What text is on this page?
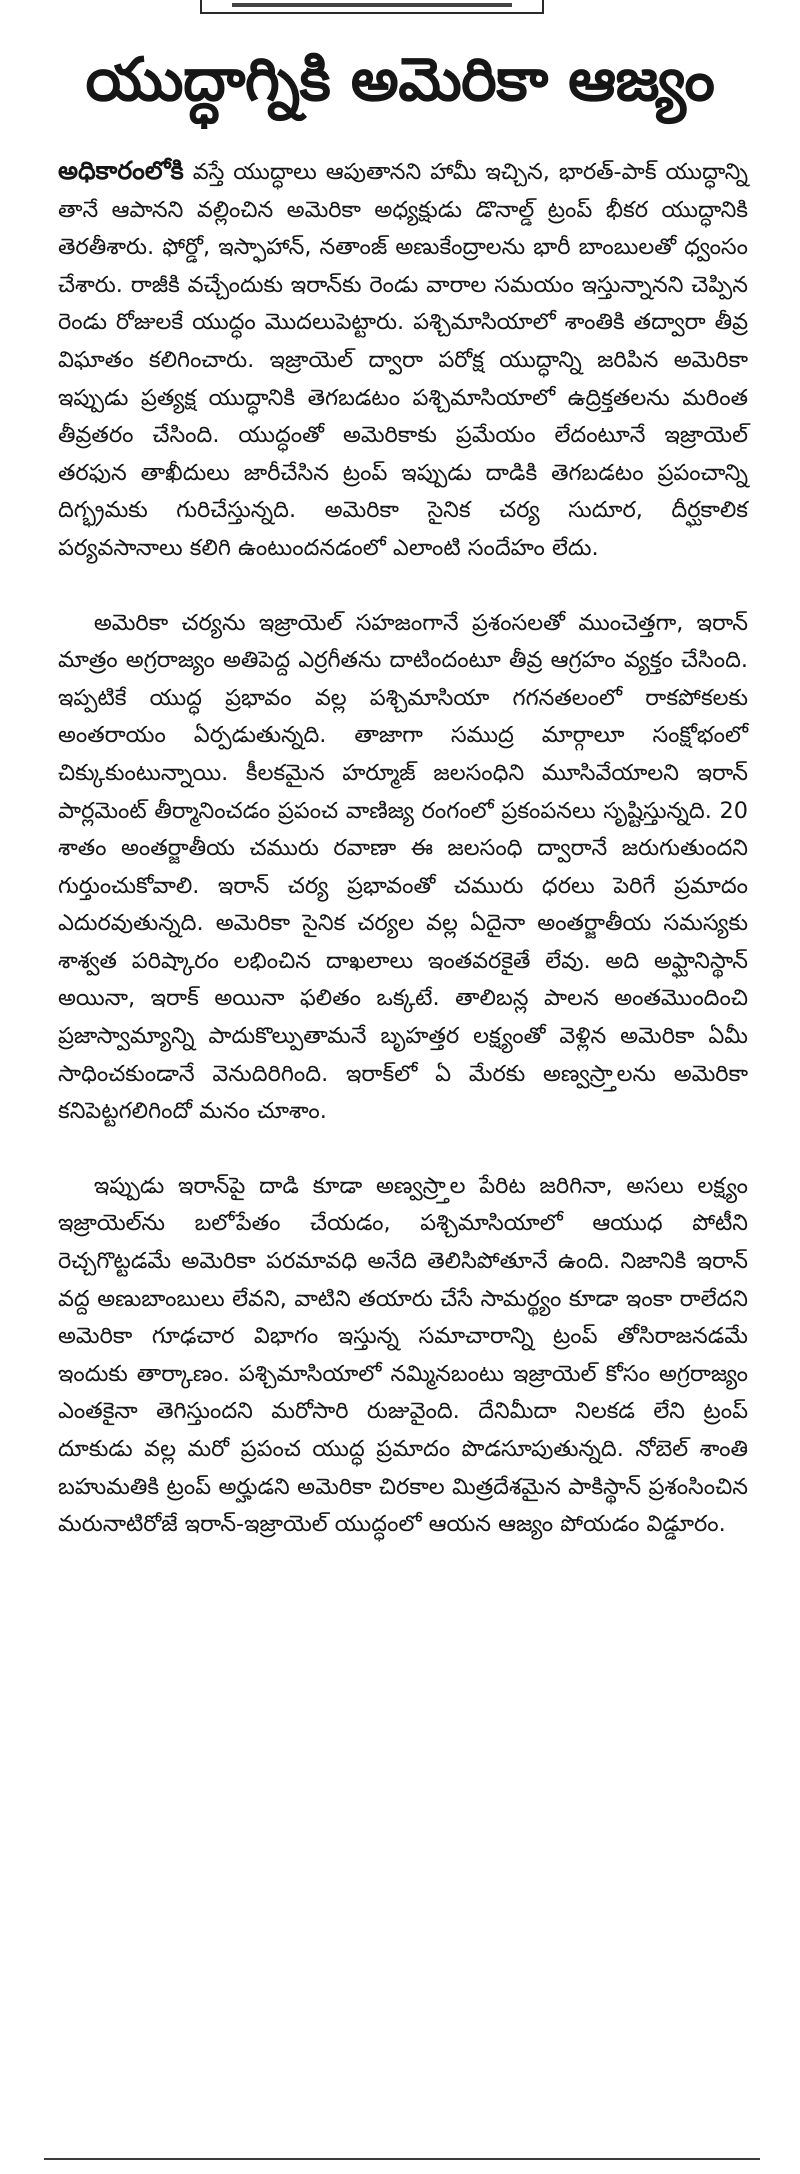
యుద్ధాగ్నికి అమెరికా ఆజ్యం

అధికారంలోకి వస్తే యుద్ధాలు ఆపుతానని హామీ ఇచ్చిన, భారత్-పాక్ యుద్ధాన్ని తానే ఆపానని వల్లించిన అమెరికా అధ్యక్షుడు డొనాల్డ్ ట్రంప్ భీకర యుద్ధానికి తెరతీశారు. ఫోర్డో, ఇస్ఫాహాన్, నతాంజ్ అణుకేంద్రాలను భారీ బాంబులతో ధ్వంసం చేశారు. రాజీకి వచ్చేందుకు ఇరాన్‌కు రెండు వారాల సమయం ఇస్తున్నానని చెప్పిన రెండు రోజులకే యుద్ధం మొదలుపెట్టారు. పశ్చిమాసియాలో శాంతికి తద్వారా తీవ్ర విఘాతం కలిగించారు. ఇజ్రాయెల్ ద్వారా పరోక్ష యుద్ధాన్ని జరిపిన అమెరికా ఇప్పుడు ప్రత్యక్ష యుద్ధానికి తెగబడటం పశ్చిమాసియాలో ఉద్రిక్తతలను మరింత తీవ్రతరం చేసింది. యుద్ధంతో అమెరికాకు ప్రమేయం లేదంటూనే ఇజ్రాయెల్ తరఫున తాఖీదులు జారీచేసిన ట్రంప్ ఇప్పుడు దాడికి తెగబడటం ప్రపంచాన్ని దిగ్భ్రమకు గురిచేస్తున్నది. అమెరికా సైనిక చర్య సుదూర, దీర్ఘకాలిక పర్యవసానాలు కలిగి ఉంటుందనడంలో ఎలాంటి సందేహం లేదు.

అమెరికా చర్యను ఇజ్రాయెల్ సహజంగానే ప్రశంసలతో ముంచెత్తగా, ఇరాన్ మాత్రం అగ్రరాజ్యం అతిపెద్ద ఎర్రగీతను దాటిందంటూ తీవ్ర ఆగ్రహం వ్యక్తం చేసింది. ఇప్పటికే యుద్ధ ప్రభావం వల్ల పశ్చిమాసియా గగనతలంలో రాకపోకలకు అంతరాయం ఏర్పడుతున్నది. తాజాగా సముద్ర మార్గాలూ సంక్షోభంలో చిక్కుకుంటున్నాయి. కీలకమైన హర్మూజ్ జలసంధిని మూసివేయాలని ఇరాన్ పార్లమెంట్ తీర్మానించడం ప్రపంచ వాణిజ్య రంగంలో ప్రకంపనలు సృష్టిస్తున్నది. 20 శాతం అంతర్జాతీయ చమురు రవాణా ఈ జలసంధి ద్వారానే జరుగుతుందని గుర్తుంచుకోవాలి. ఇరాన్ చర్య ప్రభావంతో చమురు ధరలు పెరిగే ప్రమాదం ఎదురవుతున్నది. అమెరికా సైనిక చర్యల వల్ల ఏదైనా అంతర్జాతీయ సమస్యకు శాశ్వత పరిష్కారం లభించిన దాఖలాలు ఇంతవరకైతే లేవు. అది అఫ్ఘానిస్థాన్ అయినా, ఇరాక్ అయినా ఫలితం ఒక్కటే. తాలిబన్ల పాలన అంతమొందించి ప్రజాస్వామ్యాన్ని పాదుకొల్పుతామనే బృహత్తర లక్ష్యంతో వెళ్లిన అమెరికా ఏమీ సాధించకుండానే వెనుదిరిగింది. ఇరాక్‌లో ఏ మేరకు అణ్వస్ర్తాలను అమెరికా కనిపెట్టగలిగిందో మనం చూశాం.

ఇప్పుడు ఇరాన్‌పై దాడి కూడా అణ్వస్ర్తాల పేరిట జరిగినా, అసలు లక్ష్యం ఇజ్రాయెల్‌ను బలోపేతం చేయడం, పశ్చిమాసియాలో ఆయుధ పోటీని రెచ్చగొట్టడమే అమెరికా పరమావధి అనేది తెలిసిపోతూనే ఉంది. నిజానికి ఇరాన్ వద్ద అణుబాంబులు లేవని, వాటిని తయారు చేసే సామర్థ్యం కూడా ఇంకా రాలేదని అమెరికా గూఢచార విభాగం ఇస్తున్న సమాచారాన్ని ట్రంప్ తోసిరాజనడమే ఇందుకు తార్కాణం. పశ్చిమాసియాలో నమ్మినబంటు ఇజ్రాయెల్ కోసం అగ్రరాజ్యం ఎంతకైనా తెగిస్తుందని మరోసారి రుజువైంది. దేనిమీదా నిలకడ లేని ట్రంప్ దూకుడు వల్ల మరో ప్రపంచ యుద్ధ ప్రమాదం పొడసూపుతున్నది. నోబెల్ శాంతి బహుమతికి ట్రంప్ అర్హుడని అమెరికా చిరకాల మిత్రదేశమైన పాకిస్థాన్ ప్రశంసించిన మరునాటిరోజే ఇరాన్-ఇజ్రాయెల్ యుద్ధంలో ఆయన ఆజ్యం పోయడం విడ్డూరం.
